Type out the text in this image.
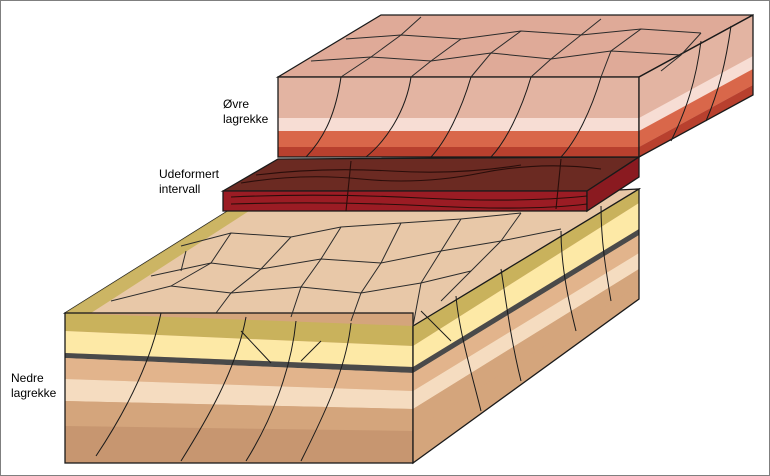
Øvre
lagrekke
Udeformert
intervall
Nedre
lagrekke
